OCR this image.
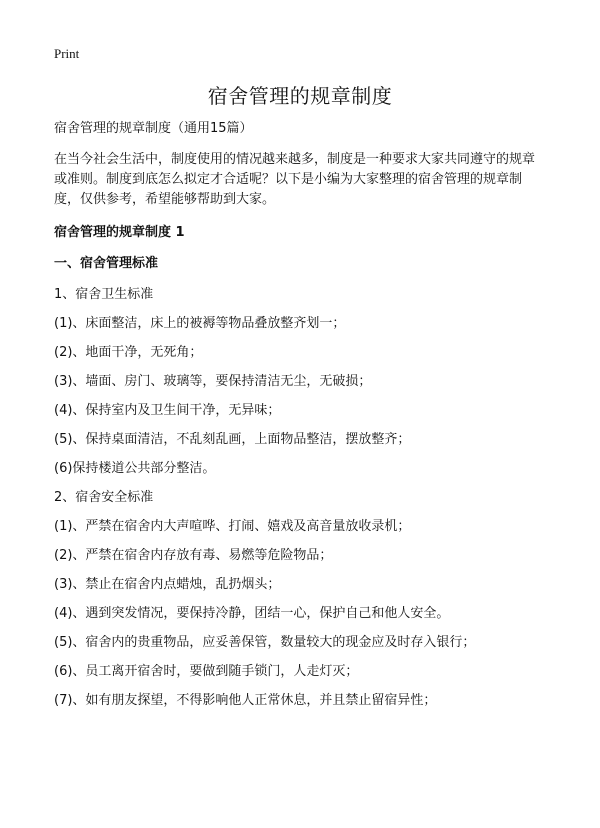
Print
宿舍管理的规章制度

宿舍管理的规章制度（通用15篇）

在当今社会生活中，制度使用的情况越来越多，制度是一种要求大家共同遵守的规章或准则。制度到底怎么拟定才合适呢？以下是小编为大家整理的宿舍管理的规章制度，仅供参考，希望能够帮助到大家。

宿舍管理的规章制度 1

一、宿舍管理标准

1、宿舍卫生标准

(1)、床面整洁，床上的被褥等物品叠放整齐划一；

(2)、地面干净，无死角；

(3)、墙面、房门、玻璃等，要保持清洁无尘，无破损；

(4)、保持室内及卫生间干净，无异味；

(5)、保持桌面清洁，不乱刻乱画，上面物品整洁，摆放整齐；

(6)保持楼道公共部分整洁。

2、宿舍安全标准

(1)、严禁在宿舍内大声喧哗、打闹、嬉戏及高音量放收录机；

(2)、严禁在宿舍内存放有毒、易燃等危险物品；

(3)、禁止在宿舍内点蜡烛，乱扔烟头；

(4)、遇到突发情况，要保持冷静，团结一心，保护自己和他人安全。

(5)、宿舍内的贵重物品，应妥善保管，数量较大的现金应及时存入银行；

(6)、员工离开宿舍时，要做到随手锁门，人走灯灭；

(7)、如有朋友探望，不得影响他人正常休息，并且禁止留宿异性；
